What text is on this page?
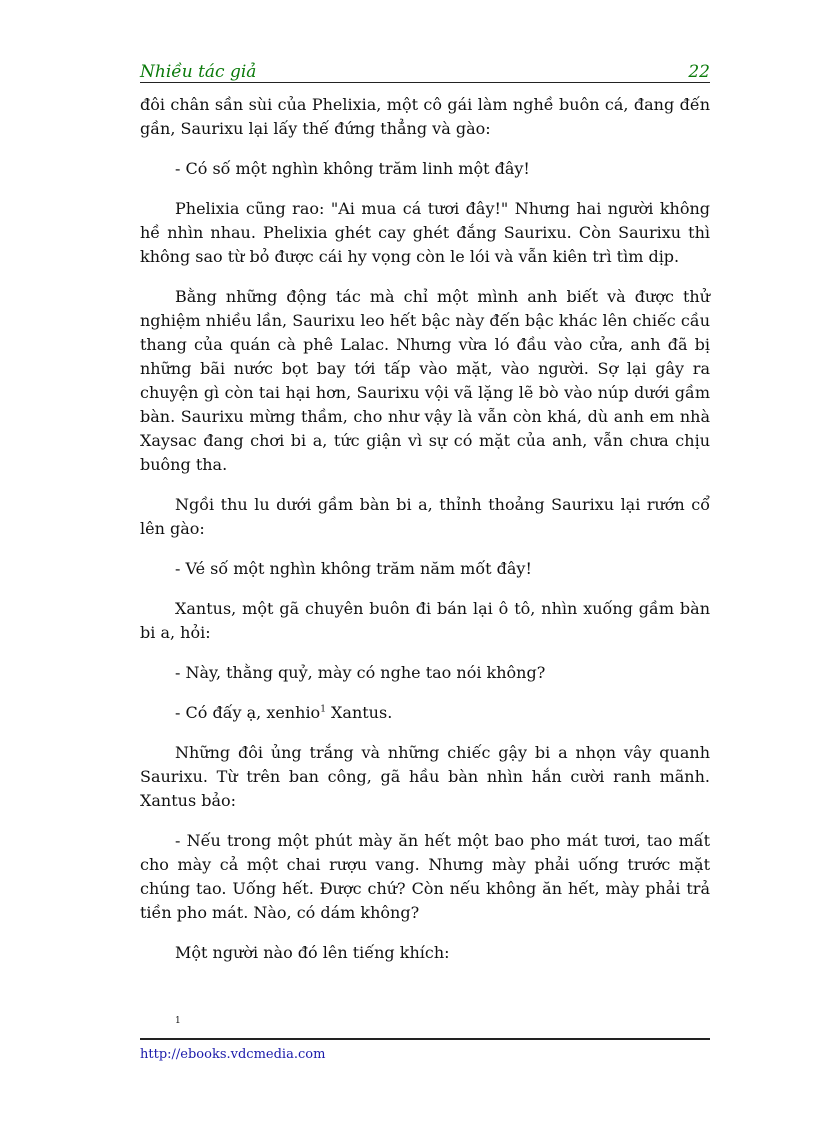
Nhiều tác giả	22

đôi chân sần sùi của Phelixia, một cô gái làm nghề buôn cá, đang đến gần, Saurixu lại lấy thế đứng thẳng và gào:

- Có số một nghìn không trăm linh một đây!

Phelixia cũng rao: "Ai mua cá tươi đây!" Nhưng hai người không hề nhìn nhau. Phelixia ghét cay ghét đắng Saurixu. Còn Saurixu thì không sao từ bỏ được cái hy vọng còn le lói và vẫn kiên trì tìm dịp.

Bằng những động tác mà chỉ một mình anh biết và được thử nghiệm nhiều lần, Saurixu leo hết bậc này đến bậc khác lên chiếc cầu thang của quán cà phê Lalac. Nhưng vừa ló đầu vào cửa, anh đã bị những bãi nước bọt bay tới tấp vào mặt, vào người. Sợ lại gây ra chuyện gì còn tai hại hơn, Saurixu vội vã lặng lẽ bò vào núp dưới gầm bàn. Saurixu mừng thầm, cho như vậy là vẫn còn khá, dù anh em nhà Xaysac đang chơi bi a, tức giận vì sự có mặt của anh, vẫn chưa chịu buông tha.

Ngồi thu lu dưới gầm bàn bi a, thỉnh thoảng Saurixu lại rướn cổ lên gào:

- Vé số một nghìn không trăm năm mốt đây!

Xantus, một gã chuyên buôn đi bán lại ô tô, nhìn xuống gầm bàn bi a, hỏi:

- Này, thằng quỷ, mày có nghe tao nói không?

- Có đấy ạ, xenhio$^1$ Xantus.

Những đôi ủng trắng và những chiếc gậy bi a nhọn vây quanh Saurixu. Từ trên ban công, gã hầu bàn nhìn hắn cười ranh mãnh. Xantus bảo:

- Nếu trong một phút mày ăn hết một bao pho mát tươi, tao mất cho mày cả một chai rượu vang. Nhưng mày phải uống trước mặt chúng tao. Uống hết. Được chứ? Còn nếu không ăn hết, mày phải trả tiền pho mát. Nào, có dám không?

Một người nào đó lên tiếng khích:

1
http://ebooks.vdcmedia.com
